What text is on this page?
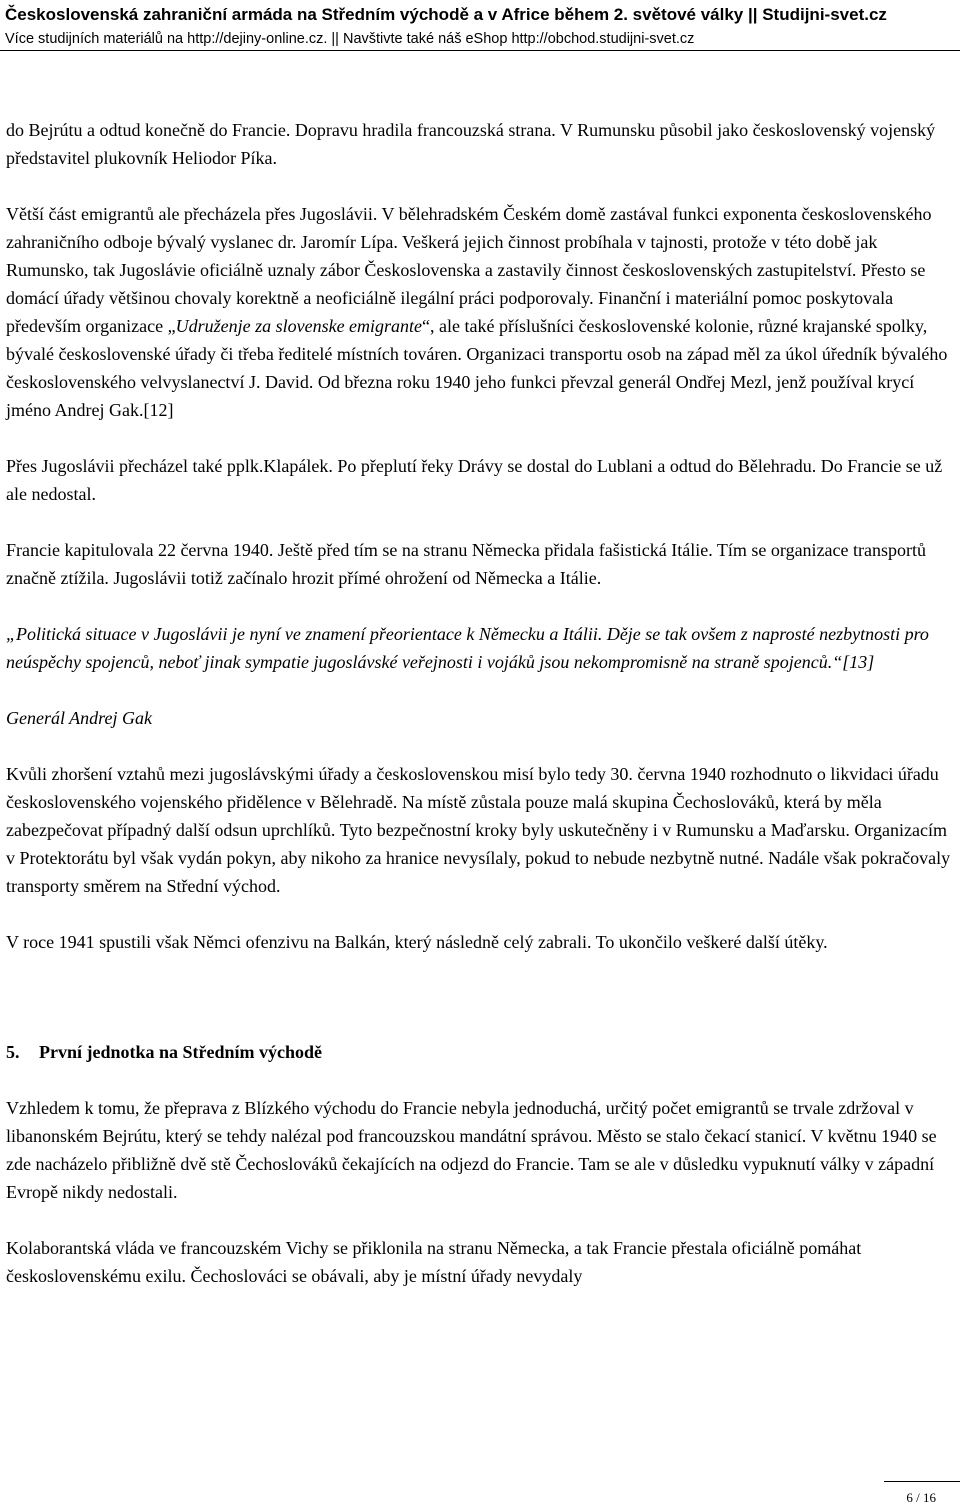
Československá zahraniční armáda na Středním východě a v Africe během 2. světové války || Studijni-svet.cz
Více studijních materiálů na http://dejiny-online.cz. || Navštivte také náš eShop http://obchod.studijni-svet.cz

do Bejrútu a odtud konečně do Francie. Dopravu hradila francouzská strana. V Rumunsku působil jako československý vojenský představitel plukovník Heliodor Píka.

Větší část emigrantů ale přecházela přes Jugoslávii. V bělehradském Českém domě zastával funkci exponenta československého zahraničního odboje bývalý vyslanec dr. Jaromír Lípa. Veškerá jejich činnost probíhala v tajnosti, protože v této době jak Rumunsko, tak Jugoslávie oficiálně uznaly zábor Československa a zastavily činnost československých zastupitelství. Přesto se domácí úřady většinou chovaly korektně a neoficiálně ilegální práci podporovaly. Finanční i materiální pomoc poskytovala především organizace „Udruženje za slovenske emigrante“, ale také příslušníci československé kolonie, různé krajanské spolky, bývalé československé úřady či třeba ředitelé místních továren. Organizaci transportu osob na západ měl za úkol úředník bývalého československého velvyslanectví J. David. Od března roku 1940 jeho funkci převzal generál Ondřej Mezl, jenž používal krycí jméno Andrej Gak.[12]

Přes Jugoslávii přecházel také pplk.Klapálek. Po přeplutí řeky Drávy se dostal do Lublani a odtud do Bělehradu. Do Francie se už ale nedostal.

Francie kapitulovala 22 června 1940. Ještě před tím se na stranu Německa přidala fašistická Itálie. Tím se organizace transportů značně ztížila. Jugoslávii totiž začínalo hrozit přímé ohrožení od Německa a Itálie.

„Politická situace v Jugoslávii je nyní ve znamení přeorientace k Německu a Itálii. Děje se tak ovšem z naprosté nezbytnosti pro neúspěchy spojenců, neboť jinak sympatie jugoslávské veřejnosti i vojáků jsou nekompromisně na straně spojenců.“[13]

Generál Andrej Gak

Kvůli zhoršení vztahů mezi jugoslávskými úřady a československou misí bylo tedy 30. června 1940 rozhodnuto o likvidaci úřadu československého vojenského přidělence v Bělehradě. Na místě zůstala pouze malá skupina Čechoslováků, která by měla zabezpečovat případný další odsun uprchlíků. Tyto bezpečnostní kroky byly uskutečněny i v Rumunsku a Maďarsku. Organizacím v Protektorátu byl však vydán pokyn, aby nikoho za hranice nevysílaly, pokud to nebude nezbytně nutné. Nadále však pokračovaly transporty směrem na Střední východ.

V roce 1941 spustili však Němci ofenzivu na Balkán, který následně celý zabrali. To ukončilo veškeré další útěky.

5. První jednotka na Středním východě

Vzhledem k tomu, že přeprava z Blízkého východu do Francie nebyla jednoduchá, určitý počet emigrantů se trvale zdržoval v libanonském Bejrútu, který se tehdy nalézal pod francouzskou mandátní správou. Město se stalo čekací stanicí. V květnu 1940 se zde nacházelo přibližně dvě stě Čechoslováků čekajících na odjezd do Francie. Tam se ale v důsledku vypuknutí války v západní Evropě nikdy nedostali.

Kolaborantská vláda ve francouzském Vichy se přiklonila na stranu Německa, a tak Francie přestala oficiálně pomáhat československému exilu. Čechoslováci se obávali, aby je místní úřady nevydaly

6 / 16
